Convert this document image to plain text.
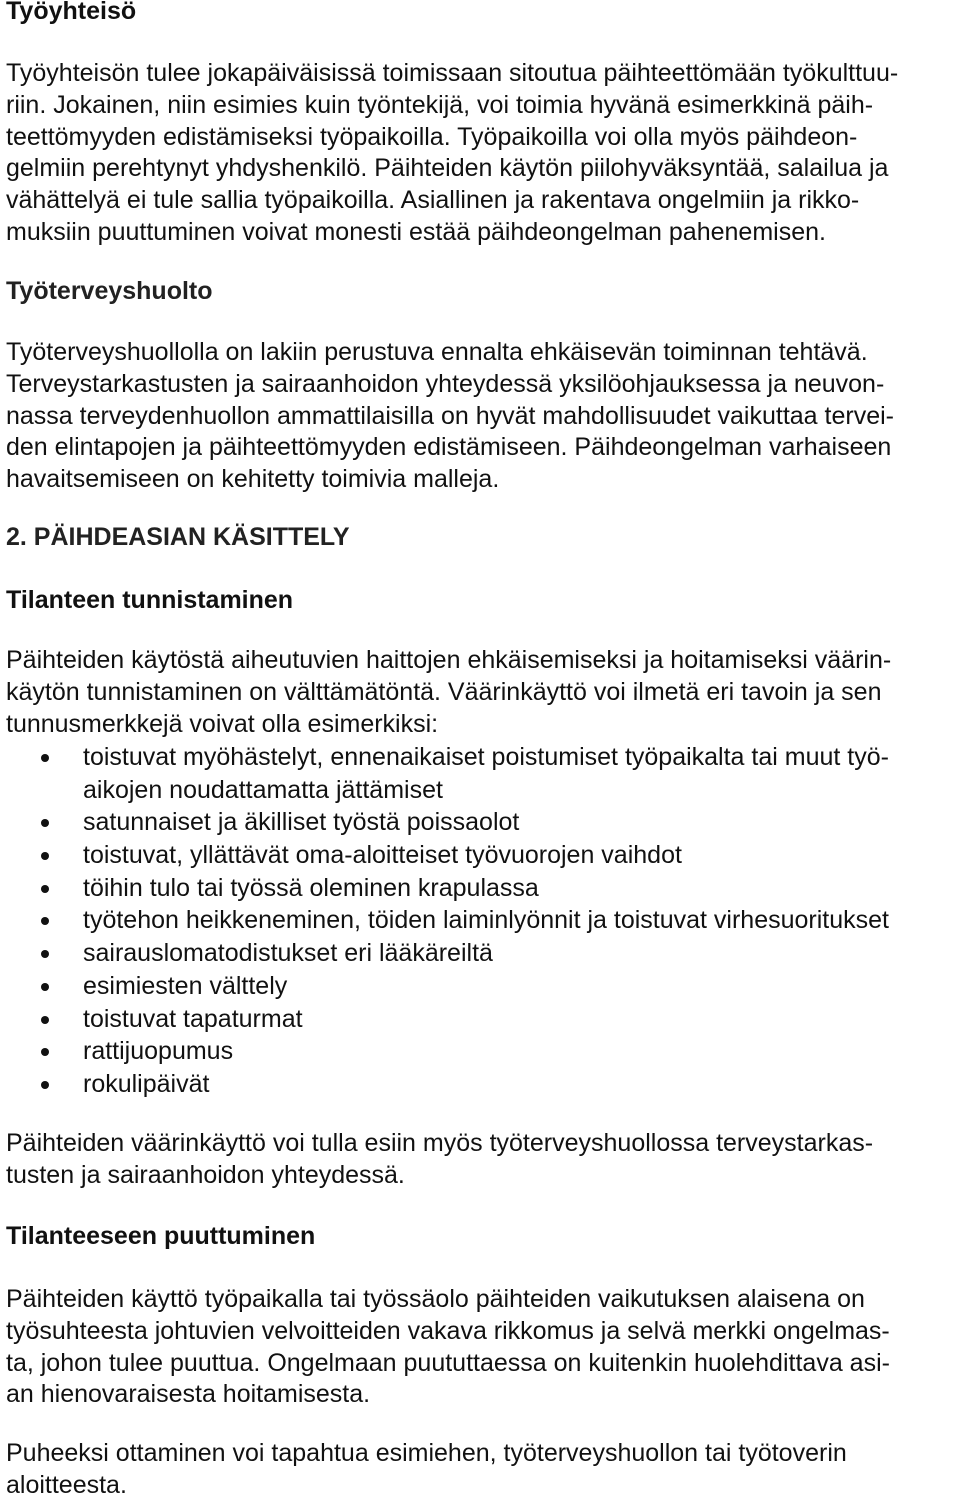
Työyhteisö
Työyhteisön tulee jokapäiväisissä toimissaan sitoutua päihteettömään työkulttuu-
riin. Jokainen, niin esimies kuin työntekijä, voi toimia hyvänä esimerkkinä päih-
teettömyyden edistämiseksi työpaikoilla. Työpaikoilla voi olla myös päihdeon-
gelmiin perehtynyt yhdyshenkilö. Päihteiden käytön piilohyväksyntää, salailua ja
vähättelyä ei tule sallia työpaikoilla. Asiallinen ja rakentava ongelmiin ja rikko-
muksiin puuttuminen voivat monesti estää päihdeongelman pahenemisen.
Työterveyshuolto
Työterveyshuollolla on lakiin perustuva ennalta ehkäisevän toiminnan tehtävä.
Terveystarkastusten ja sairaanhoidon yhteydessä yksilöohjauksessa ja neuvon-
nassa terveydenhuollon ammattilaisilla on hyvät mahdollisuudet vaikuttaa tervei-
den elintapojen ja päihteettömyyden edistämiseen. Päihdeongelman varhaiseen
havaitsemiseen on kehitetty toimivia malleja.
2. PÄIHDEASIAN KÄSITTELY
Tilanteen tunnistaminen
Päihteiden käytöstä aiheutuvien haittojen ehkäisemiseksi ja hoitamiseksi väärin-
käytön tunnistaminen on välttämätöntä. Väärinkäyttö voi ilmetä eri tavoin ja sen
tunnusmerkkejä voivat olla esimerkiksi:
toistuvat myöhästelyt, ennenaikaiset poistumiset työpaikalta tai muut työ-
aikojen noudattamatta jättämiset
satunnaiset ja äkilliset työstä poissaolot
toistuvat, yllättävät oma-aloitteiset työvuorojen vaihdot
töihin tulo tai työssä oleminen krapulassa
työtehon heikkeneminen, töiden laiminlyönnit ja toistuvat virhesuoritukset
sairauslomatodistukset eri lääkäreiltä
esimiesten välttely
toistuvat tapaturmat
rattijuopumus
rokulipäivät
Päihteiden väärinkäyttö voi tulla esiin myös työterveyshuollossa terveystarkas-
tusten ja sairaanhoidon yhteydessä.
Tilanteeseen puuttuminen
Päihteiden käyttö työpaikalla tai työssäolo päihteiden vaikutuksen alaisena on
työsuhteesta johtuvien velvoitteiden vakava rikkomus ja selvä merkki ongelmas-
ta, johon tulee puuttua. Ongelmaan puututtaessa on kuitenkin huolehdittava asi-
an hienovaraisesta hoitamisesta.
Puheeksi ottaminen voi tapahtua esimiehen, työterveyshuollon tai työtoverin
aloitteesta.
